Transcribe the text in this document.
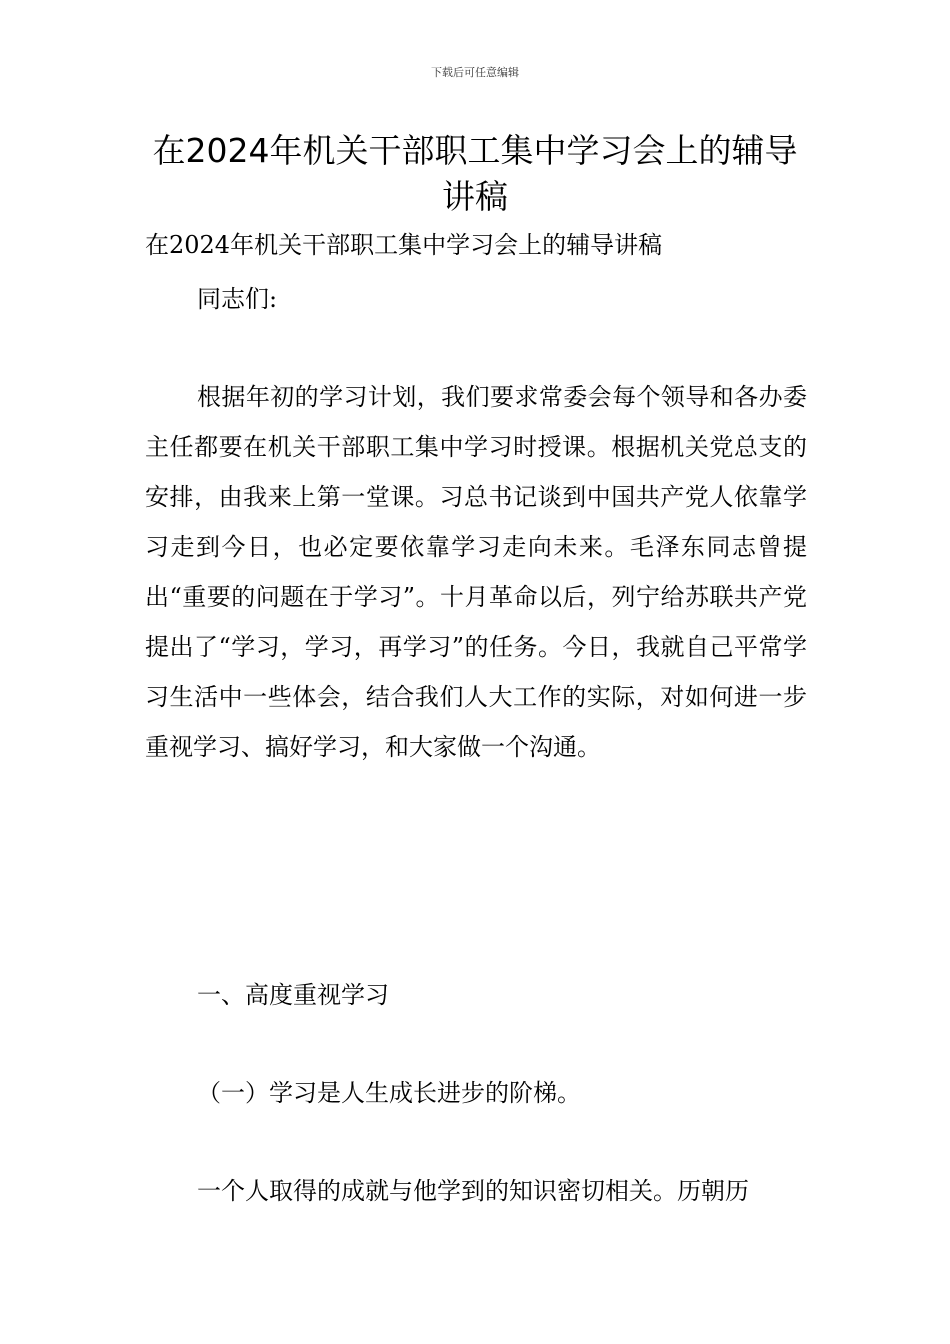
下载后可任意编辑
在2024年机关干部职工集中学习会上的辅导讲稿

在2024年机关干部职工集中学习会上的辅导讲稿

同志们:

根据年初的学习计划，我们要求常委会每个领导和各办委主任都要在机关干部职工集中学习时授课。根据机关党总支的安排，由我来上第一堂课。习总书记谈到中国共产党人依靠学习走到今日，也必定要依靠学习走向未来。毛泽东同志曾提出“重要的问题在于学习”。十月革命以后，列宁给苏联共产党提出了“学习，学习，再学习”的任务。今日，我就自己平常学习生活中一些体会，结合我们人大工作的实际，对如何进一步重视学习、搞好学习，和大家做一个沟通。

一、高度重视学习

（一）学习是人生成长进步的阶梯。

一个人取得的成就与他学到的知识密切相关。历朝历
